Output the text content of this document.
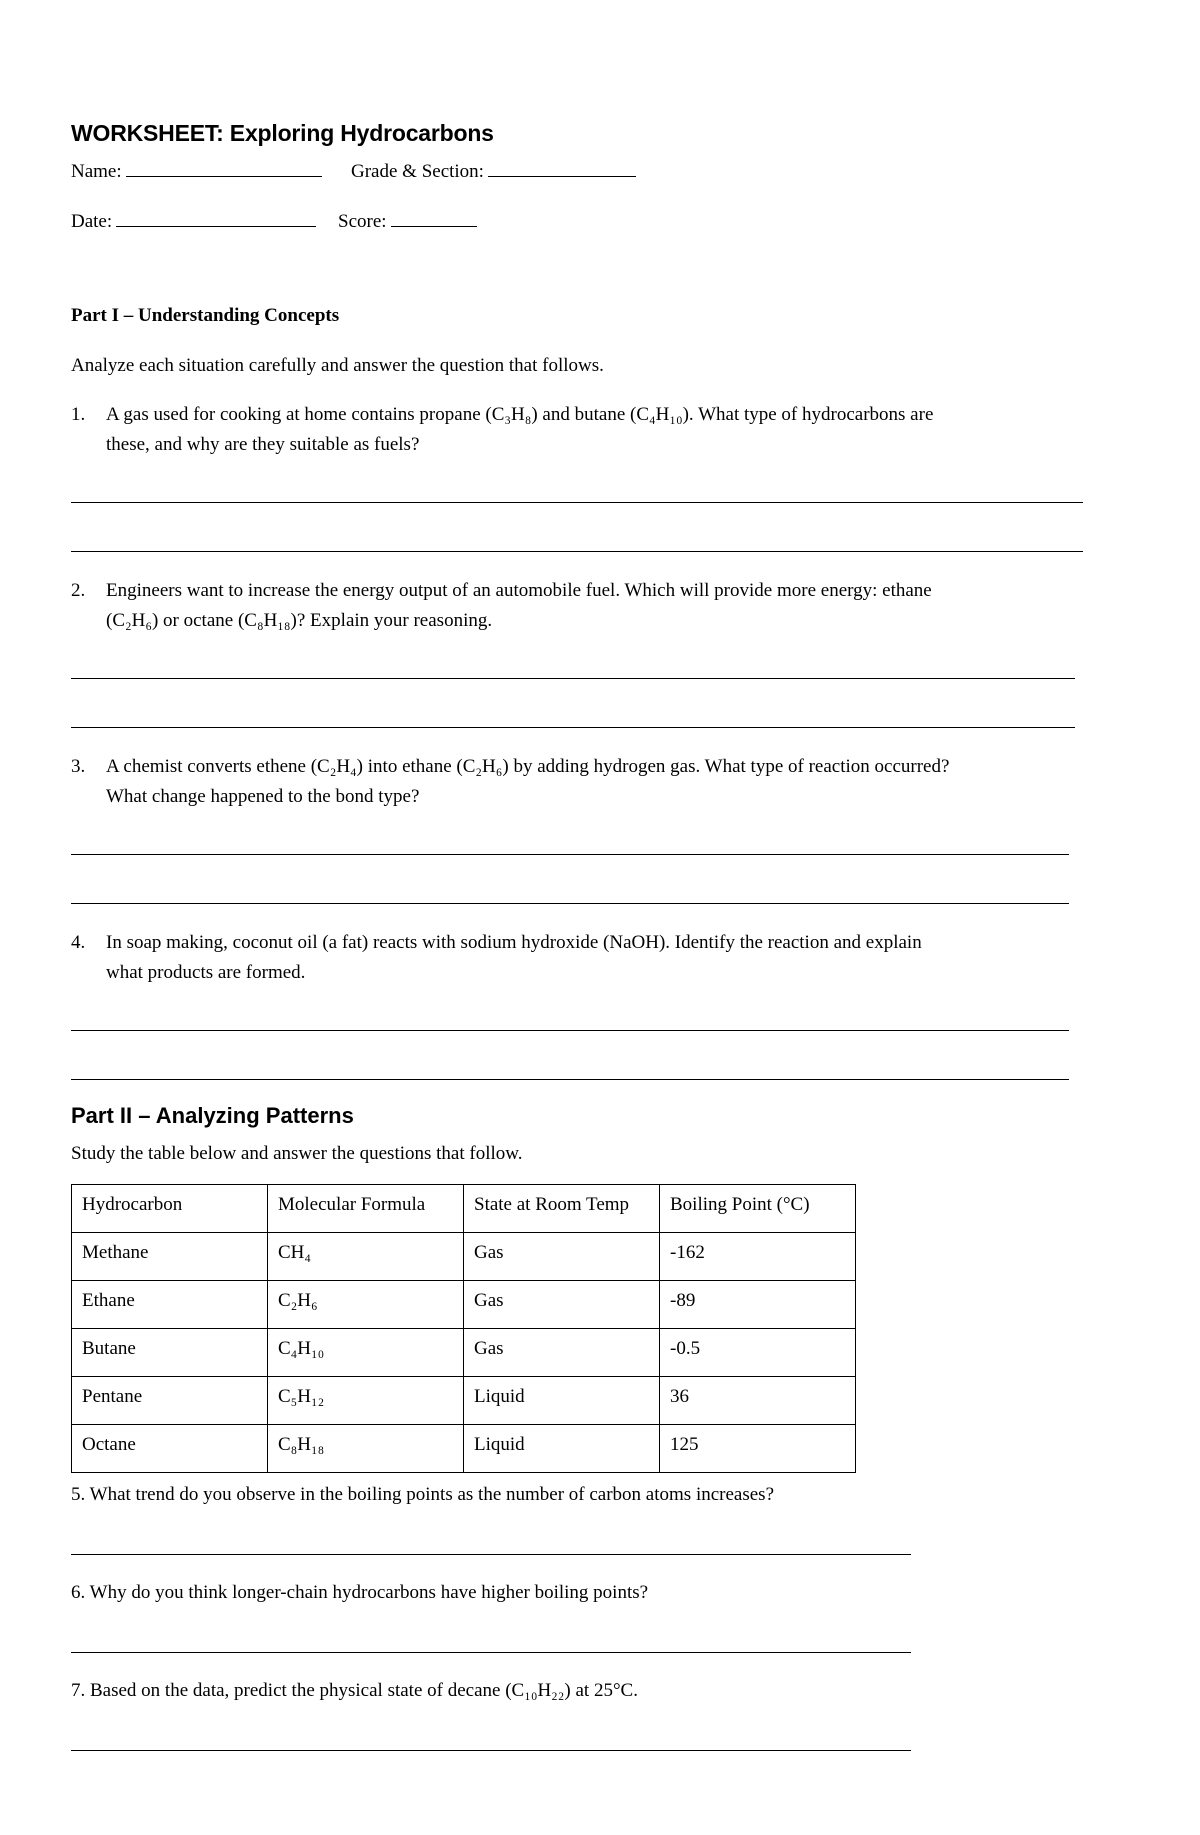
WORKSHEET: Exploring Hydrocarbons
Name:	Grade & Section:
Date:	Score:
Part I – Understanding Concepts
Analyze each situation carefully and answer the question that follows.
1. A gas used for cooking at home contains propane (C₃H₈) and butane (C₄H₁₀). What type of hydrocarbons are
these, and why are they suitable as fuels?
2. Engineers want to increase the energy output of an automobile fuel. Which will provide more energy: ethane
(C₂H₆) or octane (C₈H₁₈)? Explain your reasoning.
3. A chemist converts ethene (C₂H₄) into ethane (C₂H₆) by adding hydrogen gas. What type of reaction occurred?
What change happened to the bond type?
4. In soap making, coconut oil (a fat) reacts with sodium hydroxide (NaOH). Identify the reaction and explain
what products are formed.
Part II – Analyzing Patterns
Study the table below and answer the questions that follow.
Hydrocarbon	Molecular Formula	State at Room Temp	Boiling Point (°C)
Methane	CH₄	Gas	-162
Ethane	C₂H₆	Gas	-89
Butane	C₄H₁₀	Gas	-0.5
Pentane	C₅H₁₂	Liquid	36
Octane	C₈H₁₈	Liquid	125
5. What trend do you observe in the boiling points as the number of carbon atoms increases?
6. Why do you think longer-chain hydrocarbons have higher boiling points?
7. Based on the data, predict the physical state of decane (C₁₀H₂₂) at 25°C.
